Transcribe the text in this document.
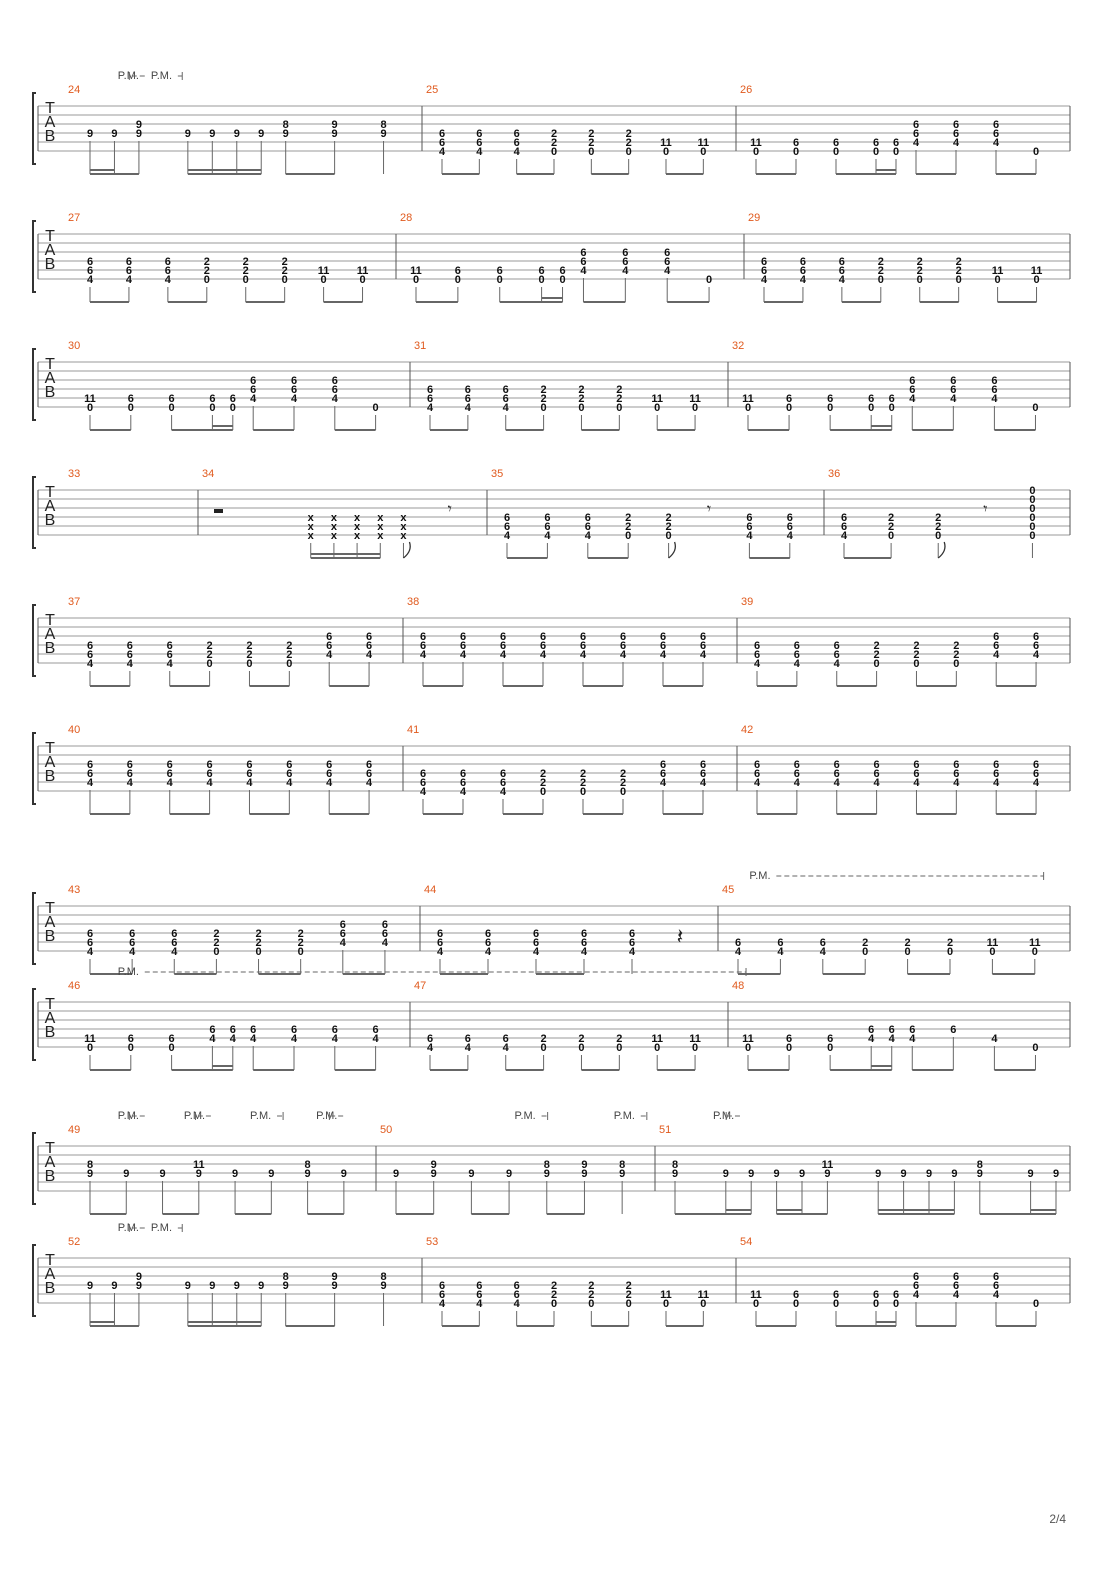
T
A
B
24
9 9
9
9	9 9 9 9
8
9
9
9
8
9
25
6
6
4
6
6
4
6
6
4
2
2
0
2
2
0
2
2
0
11
0
11
0
26
11
0
6
0
6
0
6
0
6
0
6
6
4
6
6
4
6
6
4
0
P.M. P.M.
T
A
B
27
6
6
4
6
6
4
6
6
4
2
2
0
2
2
0
2
2
0
11
0
11
0
28
11
0
6
0
6
0
6
0
6
0
6
6
4
6
6
4
6
6
4
0
29
6
6
4
6
6
4
6
6
4
2
2
0
2
2
0
2
2
0
11
0
11
0
T
A
B
30
11
0
6
0
6
0
6
0
6
0
6
6
4
6
6
4
6
6
4
0
31
6
6
4
6
6
4
6
6
4
2
2
0
2
2
0
2
2
0
11
0
11
0
32
11
0
6
0
6
0
6
0
6
0
6
6
4
6
6
4
6
6
4
0
T
A
B
33	34
x
x
x
x
x
x
x
x
x
x
x
x
x
x
x
𝄾
35
6
6
4
6
6
4
6
6
4
2
2
0
2
2
0
𝄾	6
6
4
6
6
4
36
6
6
4
2
2
0
2
2
0
𝄾
0
0
0
0
0
0
T
A
B
37
6
6
4
6
6
4
6
6
4
2
2
0
2
2
0
2
2
0
6
6
4
6
6
4
38
6
6
4
6
6
4
6
6
4
6
6
4
6
6
4
6
6
4
6
6
4
6
6
4
39
6
6
4
6
6
4
6
6
4
2
2
0
2
2
0
2
2
0
6
6
4
6
6
4
T
A
B
40
6
6
4
6
6
4
6
6
4
6
6
4
6
6
4
6
6
4
6
6
4
6
6
4
41
6
6
4
6
6
4
6
6
4
2
2
0
2
2
0
2
2
0
6
6
4
6
6
4
42
6
6
4
6
6
4
6
6
4
6
6
4
6
6
4
6
6
4
6
6
4
6
6
4
T
A
B
43
6
6
4
6
6
4
6
6
4
2
2
0
2
2
0
2
2
0
6
6
4
6
6
4
44
6
6
4
6
6
4
6
6
4
6
6
4
6
6
4
𝄽
45
6
4
6
4
6
4
2
0
2
0
2
0
11
0
11
0
P.M.
T
A
B
46
11
0
6
0
6
0
6
4
6
4
6
4
6
4
6
4
6
4
47
6
4
6
4
6
4
2
0
2
0
2
0
11
0
11
0
48
11
0
6
0
6
0
6
4
6
4
6
4
6
4
0
P.M.
T
A
B
49
8
9	9	9
11
9	9	9
8
9	9
50
9
9
9	9	9
8
9
9
9
8
9
51
8
9	9 9 9 9
11
9	9 9 9 9
8
9	9 9
P.M.	P.M.	P.M.	P.M.	P.M.	P.M.	P.M.
T
A
B
52
9 9
9
9	9 9 9 9
8
9
9
9
8
9
53
6
6
4
6
6
4
6
6
4
2
2
0
2
2
0
2
2
0
11
0
11
0
54
11
0
6
0
6
0
6
0
6
0
6
6
4
6
6
4
6
6
4
0
P.M. P.M.
2/4
